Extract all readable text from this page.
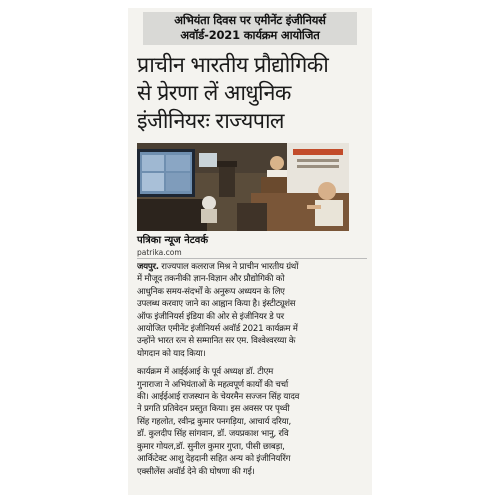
अभियंता दिवस पर एमीनेंट इंजीनियर्स
अवॉर्ड-2021 कार्यक्रम आयोजित
प्राचीन भारतीय प्रौद्योगिकी
से प्रेरणा लें आधुनिक
इंजीनियरः राज्यपाल
पत्रिका न्यूज नेटवर्क
patrika.com

जयपुर. राज्यपाल कलराज मिश्र ने प्राचीन भारतीय ग्रंथों
में मौजूद तकनीकी ज्ञान-विज्ञान और प्रौद्योगिकी को
आधुनिक समय-संदर्भों के अनुरूप अध्ययन के लिए
उपलब्ध करवाए जाने का आह्वान किया है। इंस्टीट्यूशंस
ऑफ इंजीनियर्स इंडिया की ओर से इंजीनियर डे पर
आयोजित एमीनेंट इंजीनियर्स अवॉर्ड 2021 कार्यक्रम में
उन्होंने भारत रत्न से सम्मानित सर एम. विश्वेश्वरय्या के
योगदान को याद किया।

कार्यक्रम में आईईआई के पूर्व अध्यक्ष डॉ. टीएम
गुनाराजा ने अभियंताओं के महत्वपूर्ण कार्यों की चर्चा
की। आईईआई राजस्थान के चेयरमैन सज्जन सिंह यादव
ने प्रगति प्रतिवेदन प्रस्तुत किया। इस अवसर पर पृथ्वी
सिंह गहलोत, रवीन्द्र कुमार पनगड़िया, आचार्य दरिया,
डॉ. कुलदीप सिंह सांगवान, डॉ. जयप्रकाश भानु, रवि
कुमार गोयल,डॉ. सुनील कुमार गुप्ता, पीसी छाबड़ा,
आर्किटेक्ट आशु देहदानी सहित अन्य को इंजीनियरिंग
एक्सीलेंस अवॉर्ड देने की घोषणा की गई।
